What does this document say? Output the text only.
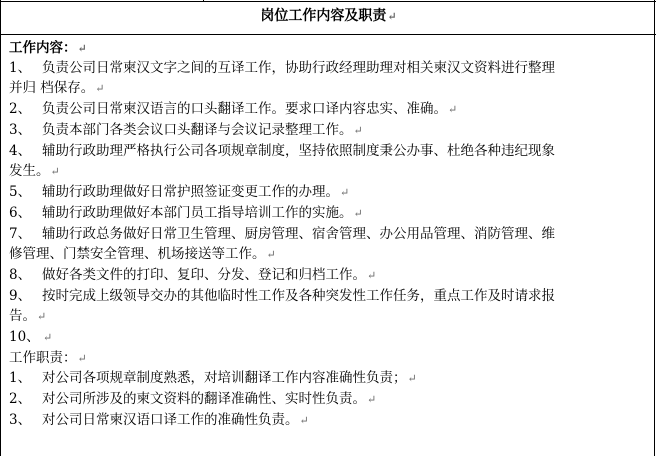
岗位工作内容及职责↵
工作内容：↵
1、 负责公司日常柬汉文字之间的互译工作，协助行政经理助理对相关柬汉文资料进行整理
并归 档保存。↵
2、 负责公司日常柬汉语言的口头翻译工作。要求口译内容忠实、准确。↵
3、 负责本部门各类会议口头翻译与会议记录整理工作。↵
4、 辅助行政助理严格执行公司各项规章制度，坚持依照制度秉公办事、杜绝各种违纪现象
发生。↵
5、 辅助行政助理做好日常护照签证变更工作的办理。↵
6、 辅助行政助理做好本部门员工指导培训工作的实施。↵
7、 辅助行政总务做好日常卫生管理、厨房管理、宿舍管理、办公用品管理、消防管理、维
修管理、门禁安全管理、机场接送等工作。↵
8、 做好各类文件的打印、复印、分发、登记和归档工作。↵
9、 按时完成上级领导交办的其他临时性工作及各种突发性工作任务，重点工作及时请求报
告。↵
10、 ↵
工作职责：↵
1、 对公司各项规章制度熟悉，对培训翻译工作内容准确性负责；↵
2、 对公司所涉及的柬文资料的翻译准确性、实时性负责。↵
3、 对公司日常柬汉语口译工作的准确性负责。↵
